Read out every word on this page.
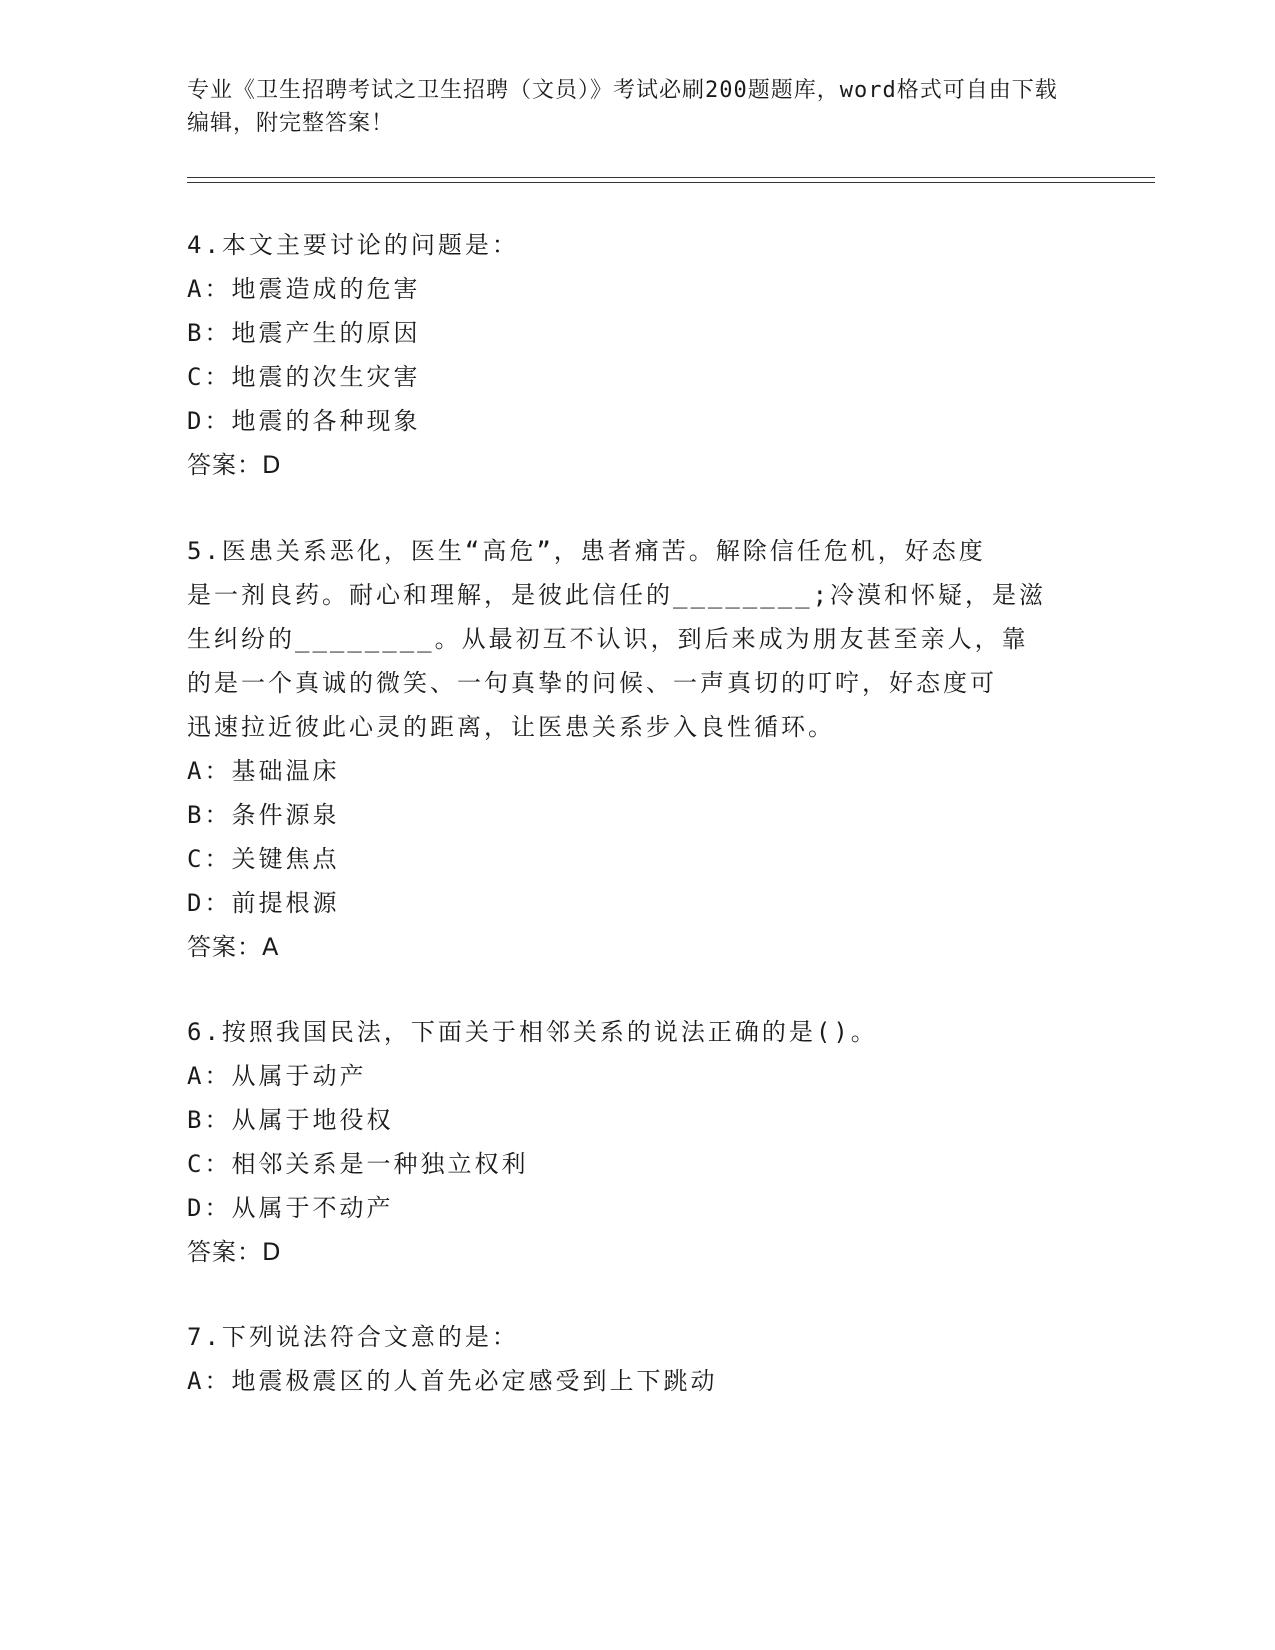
专业《卫生招聘考试之卫生招聘（文员）》考试必刷200题题库，word格式可自由下载编辑，附完整答案！
4.本文主要讨论的问题是：
A：地震造成的危害
B：地震产生的原因
C：地震的次生灾害
D：地震的各种现象
答案：D
5.医患关系恶化，医生“高危”，患者痛苦。解除信任危机，好态度
是一剂良药。耐心和理解，是彼此信任的________;冷漠和怀疑，是滋
生纠纷的________。从最初互不认识，到后来成为朋友甚至亲人，靠
的是一个真诚的微笑、一句真挚的问候、一声真切的叮咛，好态度可
迅速拉近彼此心灵的距离，让医患关系步入良性循环。
A：基础温床
B：条件源泉
C：关键焦点
D：前提根源
答案：A
6.按照我国民法，下面关于相邻关系的说法正确的是()。
A：从属于动产
B：从属于地役权
C：相邻关系是一种独立权利
D：从属于不动产
答案：D
7.下列说法符合文意的是：
A：地震极震区的人首先必定感受到上下跳动
